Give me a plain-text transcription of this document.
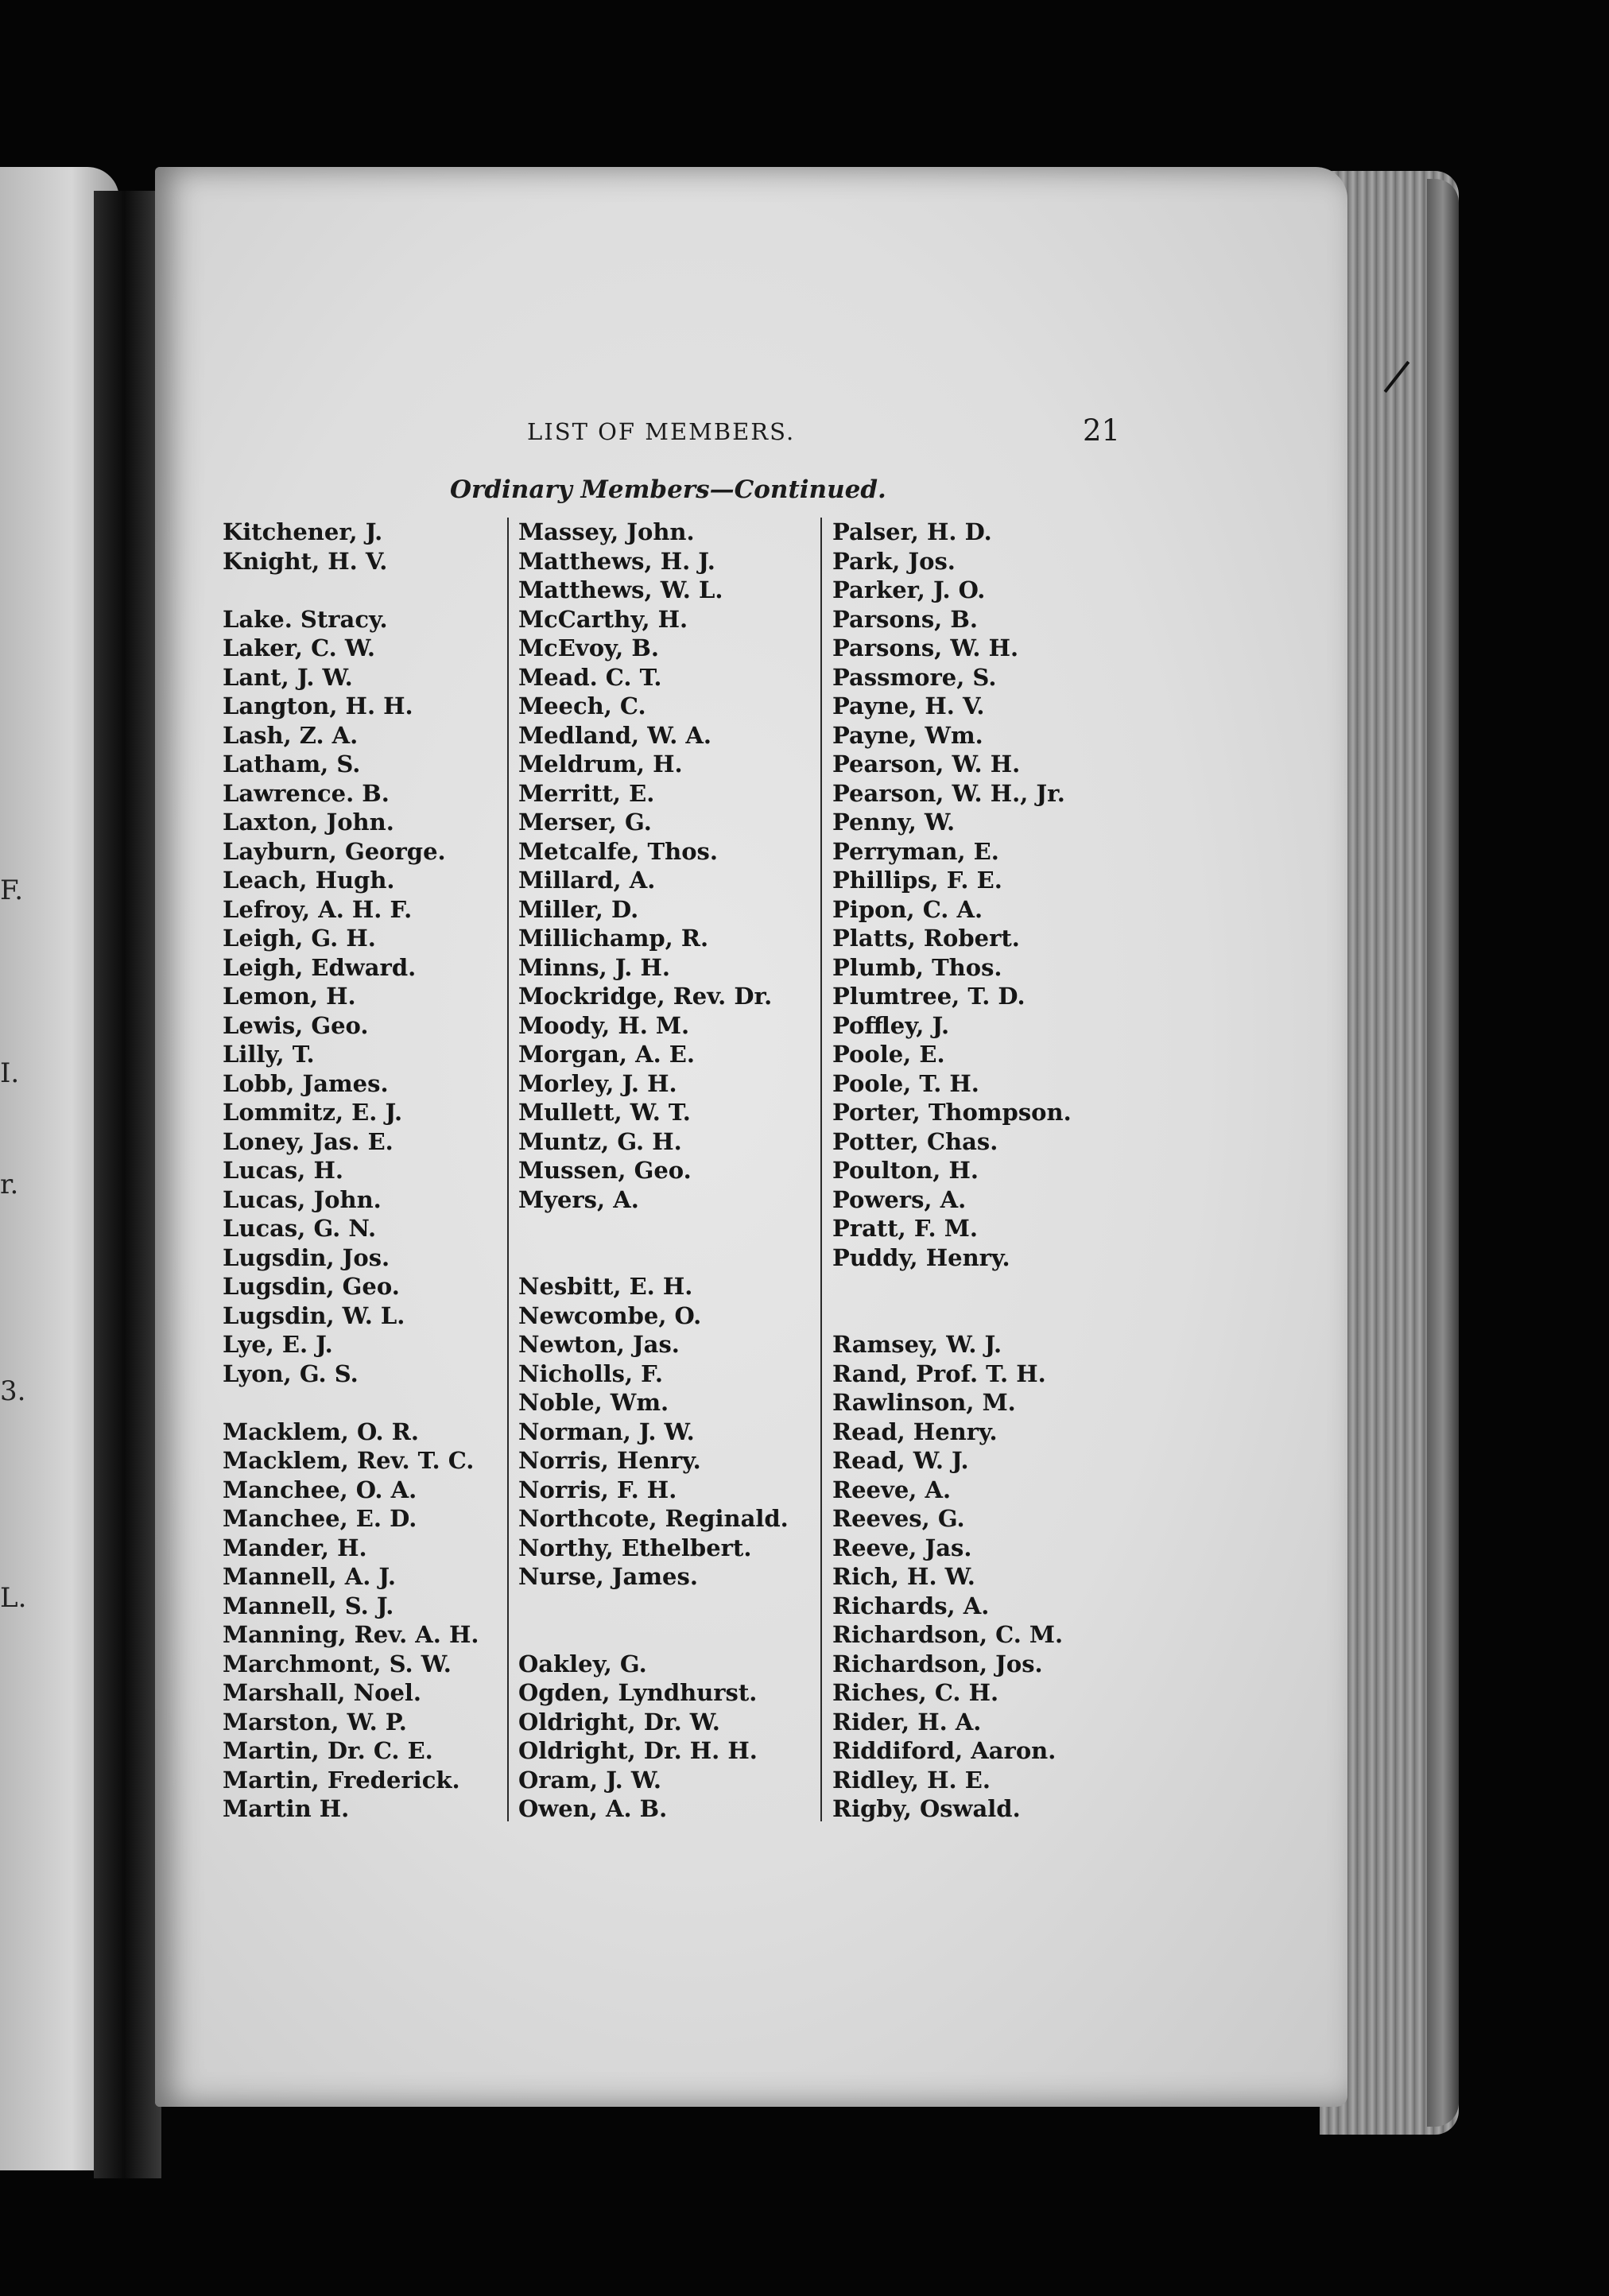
F.
I.
r.
3.
L.
LIST OF MEMBERS.	21
Ordinary Members—Continued.
Kitchener, J.
Knight, H. V.
Lake. Stracy.
Laker, C. W.
Lant, J. W.
Langton, H. H.
Lash, Z. A.
Latham, S.
Lawrence. B.
Laxton, John.
Layburn, George.
Leach, Hugh.
Lefroy, A. H. F.
Leigh, G. H.
Leigh, Edward.
Lemon, H.
Lewis, Geo.
Lilly, T.
Lobb, James.
Lommitz, E. J.
Loney, Jas. E.
Lucas, H.
Lucas, John.
Lucas, G. N.
Lugsdin, Jos.
Lugsdin, Geo.
Lugsdin, W. L.
Lye, E. J.
Lyon, G. S.
Macklem, O. R.
Macklem, Rev. T. C.
Manchee, O. A.
Manchee, E. D.
Mander, H.
Mannell, A. J.
Mannell, S. J.
Manning, Rev. A. H.
Marchmont, S. W.
Marshall, Noel.
Marston, W. P.
Martin, Dr. C. E.
Martin, Frederick.
Martin H.
Massey, John.
Matthews, H. J.
Matthews, W. L.
McCarthy, H.
McEvoy, B.
Mead. C. T.
Meech, C.
Medland, W. A.
Meldrum, H.
Merritt, E.
Merser, G.
Metcalfe, Thos.
Millard, A.
Miller, D.
Millichamp, R.
Minns, J. H.
Mockridge, Rev. Dr.
Moody, H. M.
Morgan, A. E.
Morley, J. H.
Mullett, W. T.
Muntz, G. H.
Mussen, Geo.
Myers, A.
Nesbitt, E. H.
Newcombe, O.
Newton, Jas.
Nicholls, F.
Noble, Wm.
Norman, J. W.
Norris, Henry.
Norris, F. H.
Northcote, Reginald.
Northy, Ethelbert.
Nurse, James.
Oakley, G.
Ogden, Lyndhurst.
Oldright, Dr. W.
Oldright, Dr. H. H.
Oram, J. W.
Owen, A. B.
Palser, H. D.
Park, Jos.
Parker, J. O.
Parsons, B.
Parsons, W. H.
Passmore, S.
Payne, H. V.
Payne, Wm.
Pearson, W. H.
Pearson, W. H., Jr.
Penny, W.
Perryman, E.
Phillips, F. E.
Pipon, C. A.
Platts, Robert.
Plumb, Thos.
Plumtree, T. D.
Poffley, J.
Poole, E.
Poole, T. H.
Porter, Thompson.
Potter, Chas.
Poulton, H.
Powers, A.
Pratt, F. M.
Puddy, Henry.
Ramsey, W. J.
Rand, Prof. T. H.
Rawlinson, M.
Read, Henry.
Read, W. J.
Reeve, A.
Reeves, G.
Reeve, Jas.
Rich, H. W.
Richards, A.
Richardson, C. M.
Richardson, Jos.
Riches, C. H.
Rider, H. A.
Riddiford, Aaron.
Ridley, H. E.
Rigby, Oswald.
